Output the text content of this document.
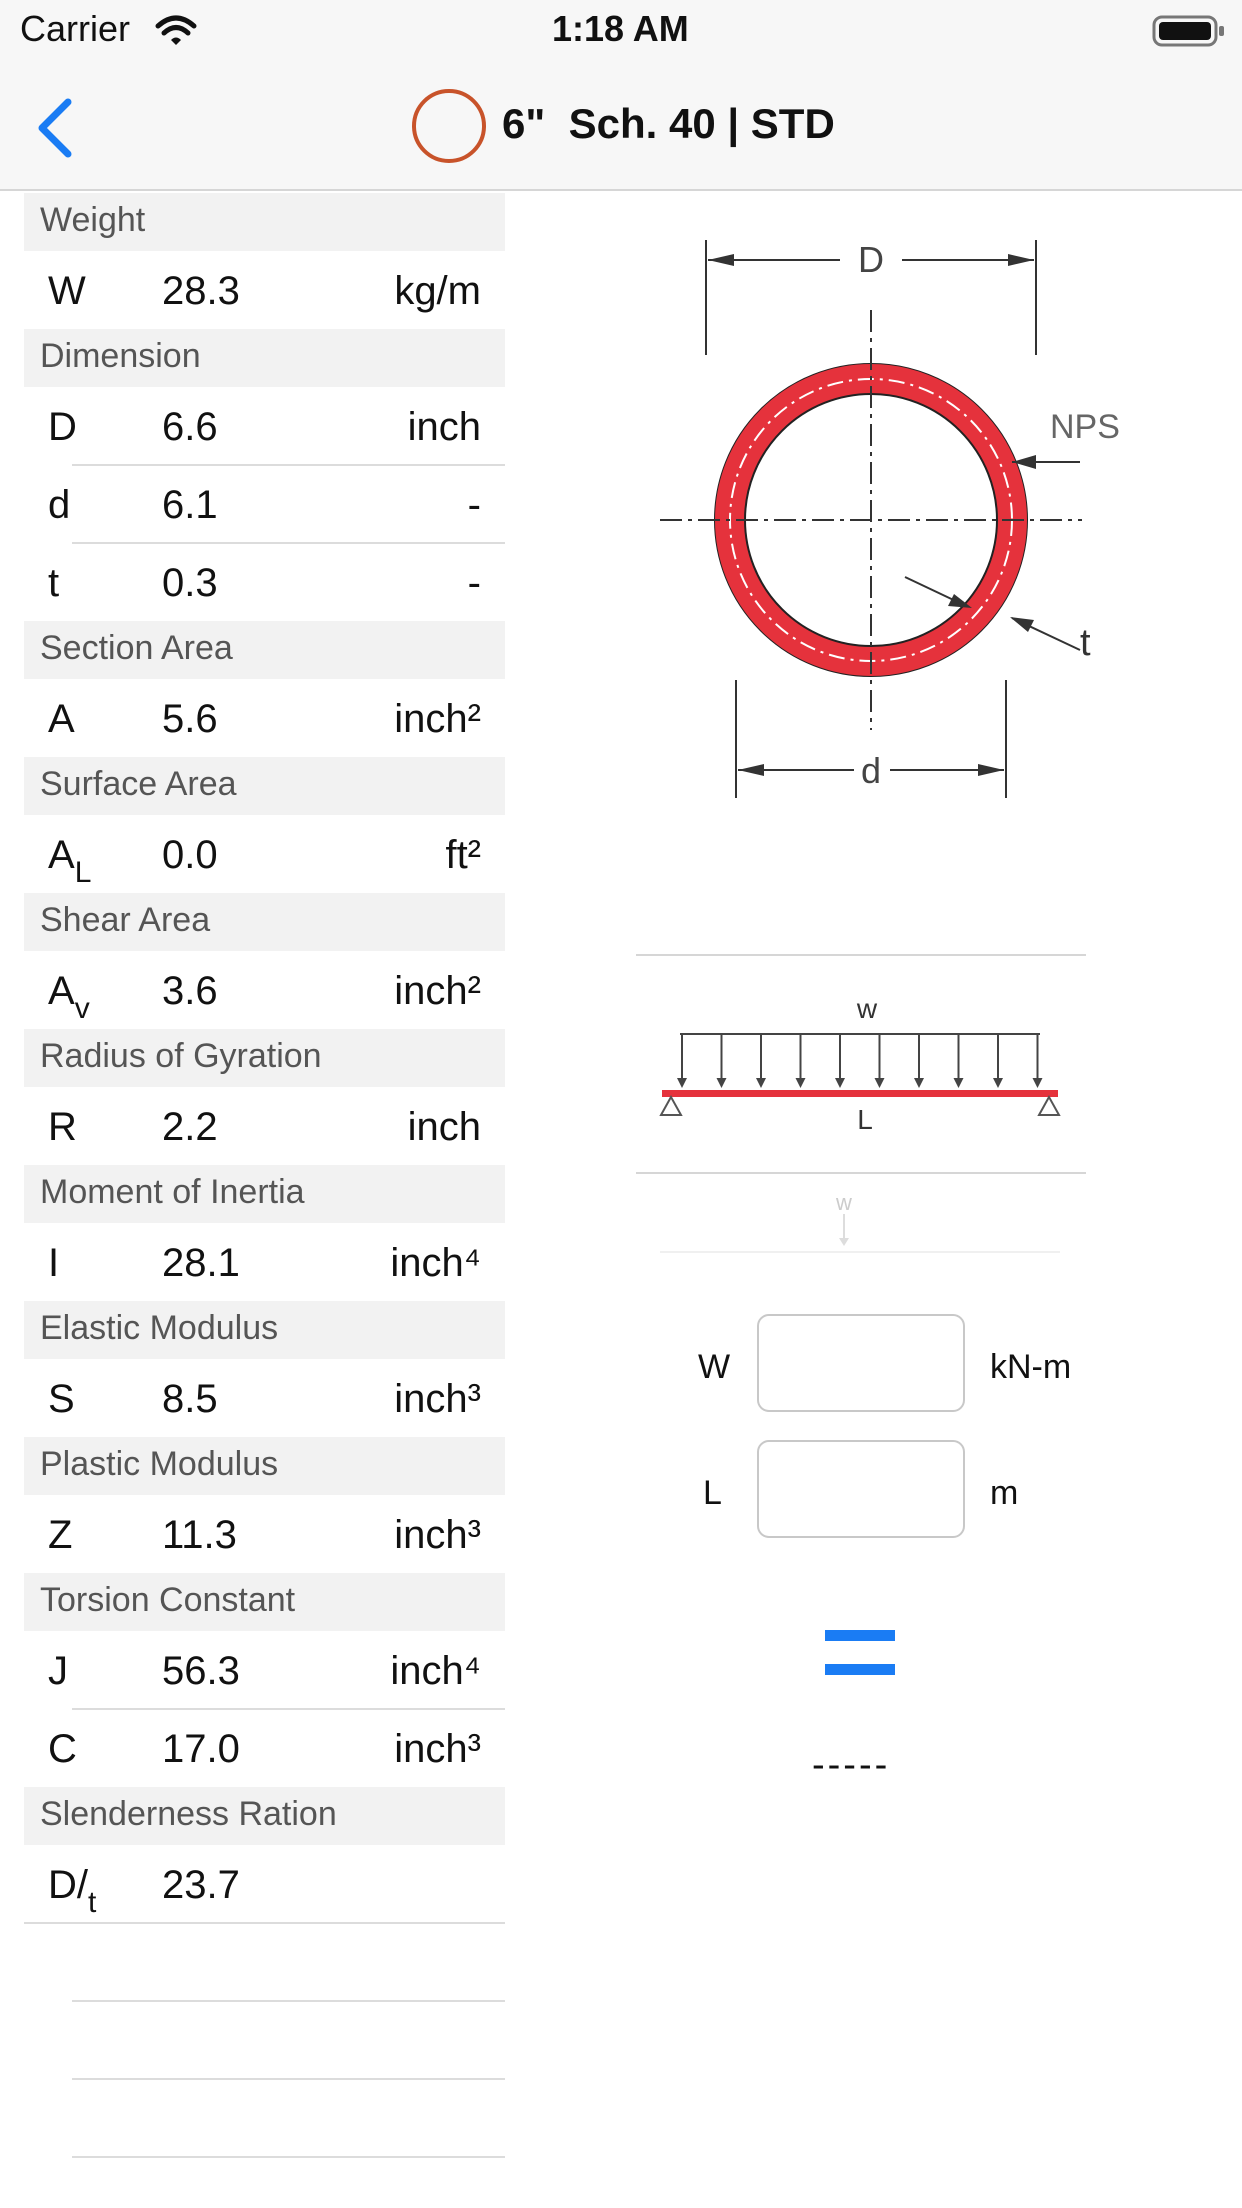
Carrier	1:18 AM
6"  Sch. 40 | STD
Weight
W 28.3	kg/m
Dimension
D 6.6	inch
d 6.1	-
t	0.3	-
Section Area
A 5.6	inch²
Surface Area
$A_L$ 0.0	ft²
Shear Area
$A_v$ 3.6	inch²
Radius of Gyration
R 2.2	inch
Moment of Inertia
I	28.1	inch⁴
Elastic Modulus
S 8.5	inch³
Plastic Modulus
Z 11.3	inch³
Torsion Constant
J 56.3	inch⁴
C 17.0	inch³
Slenderness Ration
$D/_t$ 23.7
D
NPS
t
d
w
L
w
W	kN-m
L	m
-----
